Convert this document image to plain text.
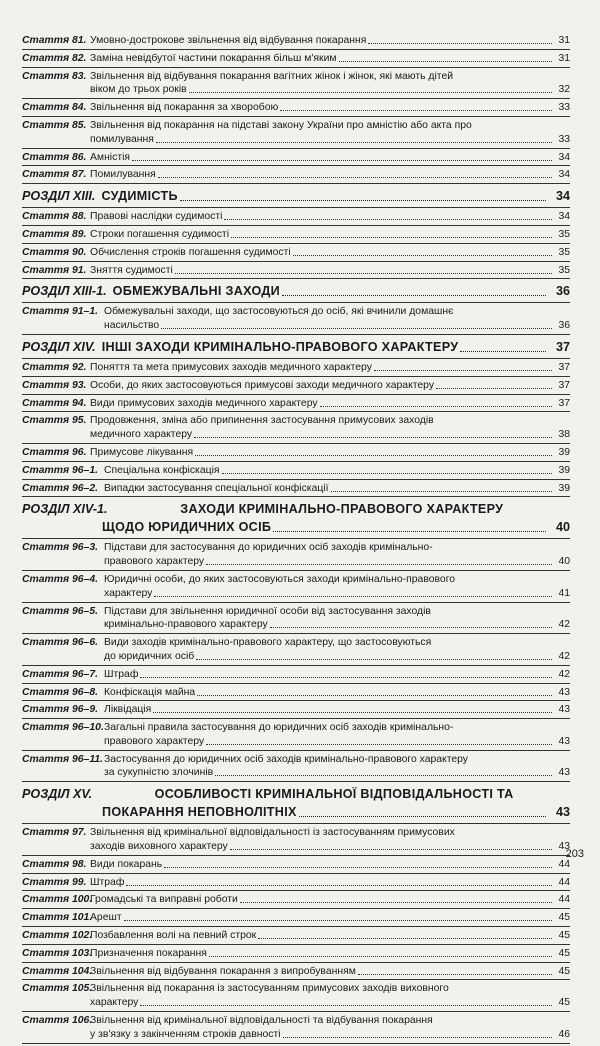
Стаття 81. Умовно-дострокове звільнення від відбування покарання	31
Стаття 82. Заміна невідбутої частини покарання більш м'яким	31
Стаття 83. Звільнення від відбування покарання вагітних жінок і жінок, які мають дітей
віком до трьох років	32
Стаття 84. Звільнення від покарання за хворобою	33
Стаття 85. Звільнення від покарання на підставі закону України про амністію або акта про
помилування	33
Стаття 86. Амністія	34
Стаття 87. Помилування	34
РОЗДІЛ XIII. СУДИМІСТЬ	34
Стаття 88. Правові наслідки судимості	34
Стаття 89. Строки погашення судимості	35
Стаття 90. Обчислення строків погашення судимості	35
Стаття 91. Зняття судимості	35
РОЗДІЛ XIII-1. ОБМЕЖУВАЛЬНІ ЗАХОДИ	36
Стаття 91–1. Обмежувальні заходи, що застосовуються до осіб, які вчинили домашнє
насильство	36
РОЗДІЛ XIV. ІНШІ ЗАХОДИ КРИМІНАЛЬНО-ПРАВОВОГО ХАРАКТЕРУ	37
Стаття 92. Поняття та мета примусових заходів медичного характеру	37
Стаття 93. Особи, до яких застосовуються примусові заходи медичного характеру	37
Стаття 94. Види примусових заходів медичного характеру	37
Стаття 95. Продовження, зміна або припинення застосування примусових заходів
медичного характеру	38
Стаття 96. Примусове лікування	39
Стаття 96–1. Спеціальна конфіскація	39
Стаття 96–2. Випадки застосування спеціальної конфіскації	39
РОЗДІЛ XIV-1.	ЗАХОДИ КРИМІНАЛЬНО-ПРАВОВОГО ХАРАКТЕРУ
ЩОДО ЮРИДИЧНИХ ОСІБ	40
Стаття 96–3. Підстави для застосування до юридичних осіб заходів кримінально-
правового характеру	40
Стаття 96–4. Юридичні особи, до яких застосовуються заходи кримінально-правового
характеру	41
Стаття 96–5. Підстави для звільнення юридичної особи від застосування заходів
кримінально-правового характеру	42
Стаття 96–6. Види заходів кримінально-правового характеру, що застосовуються
до юридичних осіб	42
Стаття 96–7. Штраф	42
Стаття 96–8. Конфіскація майна	43
Стаття 96–9. Ліквідація	43
Стаття 96–10. Загальні правила застосування до юридичних осіб заходів кримінально-
правового характеру	43
Стаття 96–11. Застосування до юридичних осіб заходів кримінально-правового характеру
за сукупністю злочинів	43
РОЗДІЛ XV.	ОСОБЛИВОСТІ КРИМІНАЛЬНОЇ ВІДПОВІДАЛЬНОСТІ ТА
ПОКАРАННЯ НЕПОВНОЛІТНІХ	43
Стаття 97. Звільнення від кримінальної відповідальності із застосуванням примусових
заходів виховного характеру	43
Стаття 98. Види покарань	44
Стаття 99. Штраф	44
Стаття 100.
Громадські та виправні роботи	44
Стаття 101.
Арешт	45
Стаття 102.
Позбавлення волі на певний строк	45
Стаття 103.
Призначення покарання	45
Стаття 104.
Звільнення від відбування покарання з випробуванням	45
Стаття 105.
Звільнення від покарання із застосуванням примусових заходів виховного
характеру	45
Стаття 106.
Звільнення від кримінальної відповідальності та відбування покарання
у зв'язку з закінченням строків давності	46
203
